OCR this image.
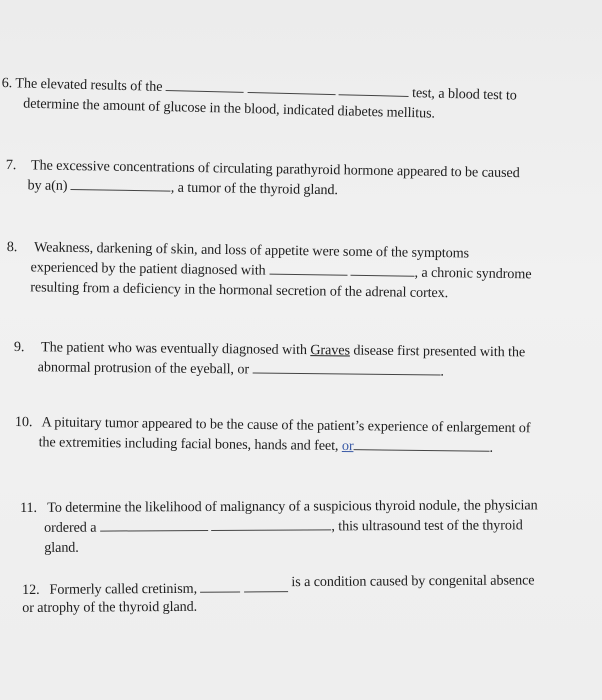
6. The elevated results of the	test, a blood test to
determine the amount of glucose in the blood, indicated diabetes mellitus.
7. The excessive concentrations of circulating parathyroid hormone appeared to be caused
by a(n)	, a tumor of the thyroid gland.
8. Weakness, darkening of skin, and loss of appetite were some of the symptoms
experienced by the patient diagnosed with	, a chronic syndrome
resulting from a deficiency in the hormonal secretion of the adrenal cortex.
9. The patient who was eventually diagnosed with Graves disease first presented with the
abnormal protrusion of the eyeball, or	.
10. A pituitary tumor appeared to be the cause of the patient’s experience of enlargement of
the extremities including facial bones, hands and feet, or	.
11. To determine the likelihood of malignancy of a suspicious thyroid nodule, the physician
ordered a	, this ultrasound test of the thyroid
gland.
12. Formerly called cretinism,	is a condition caused by congenital absence
or atrophy of the thyroid gland.
